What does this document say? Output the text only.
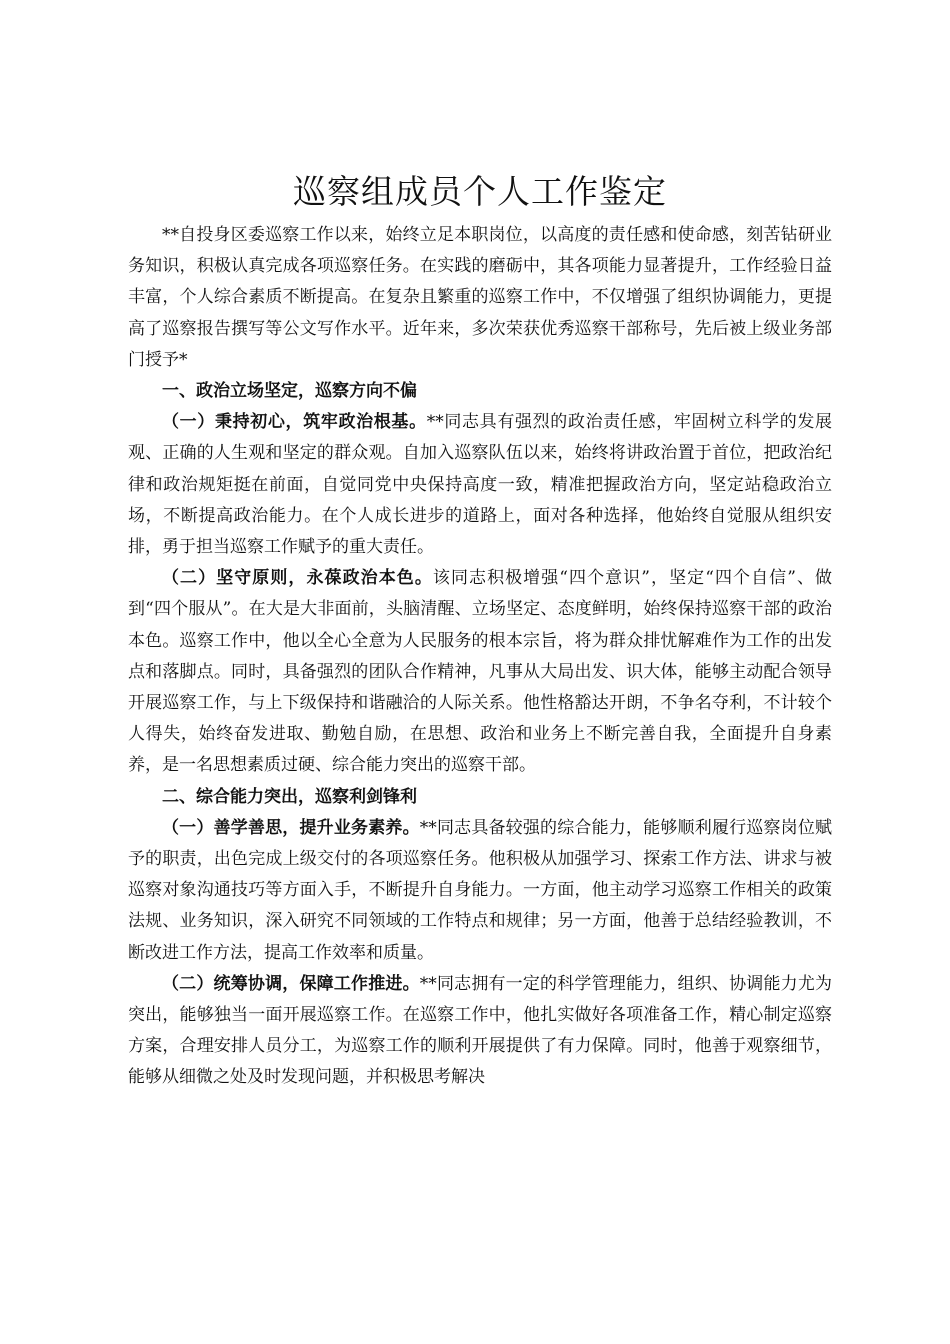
巡察组成员个人工作鉴定

**自投身区委巡察工作以来，始终立足本职岗位，以高度的责任感和使命感，刻苦钻研业务知识，积极认真完成各项巡察任务。在实践的磨砺中，其各项能力显著提升，工作经验日益丰富，个人综合素质不断提高。在复杂且繁重的巡察工作中，不仅增强了组织协调能力，更提高了巡察报告撰写等公文写作水平。近年来，多次荣获优秀巡察干部称号，先后被上级业务部门授予*

一、政治立场坚定，巡察方向不偏

（一）秉持初心，筑牢政治根基。**同志具有强烈的政治责任感，牢固树立科学的发展观、正确的人生观和坚定的群众观。自加入巡察队伍以来，始终将讲政治置于首位，把政治纪律和政治规矩挺在前面，自觉同党中央保持高度一致，精准把握政治方向，坚定站稳政治立场，不断提高政治能力。在个人成长进步的道路上，面对各种选择，他始终自觉服从组织安排，勇于担当巡察工作赋予的重大责任。

（二）坚守原则，永葆政治本色。该同志积极增强“四个意识”，坚定“四个自信”、做到“四个服从”。在大是大非面前，头脑清醒、立场坚定、态度鲜明，始终保持巡察干部的政治本色。巡察工作中，他以全心全意为人民服务的根本宗旨，将为群众排忧解难作为工作的出发点和落脚点。同时，具备强烈的团队合作精神，凡事从大局出发、识大体，能够主动配合领导开展巡察工作，与上下级保持和谐融洽的人际关系。他性格豁达开朗，不争名夺利，不计较个人得失，始终奋发进取、勤勉自励，在思想、政治和业务上不断完善自我，全面提升自身素养，是一名思想素质过硬、综合能力突出的巡察干部。

二、综合能力突出，巡察利剑锋利

（一）善学善思，提升业务素养。**同志具备较强的综合能力，能够顺利履行巡察岗位赋予的职责，出色完成上级交付的各项巡察任务。他积极从加强学习、探索工作方法、讲求与被巡察对象沟通技巧等方面入手，不断提升自身能力。一方面，他主动学习巡察工作相关的政策法规、业务知识，深入研究不同领域的工作特点和规律；另一方面，他善于总结经验教训，不断改进工作方法，提高工作效率和质量。

（二）统筹协调，保障工作推进。**同志拥有一定的科学管理能力，组织、协调能力尤为突出，能够独当一面开展巡察工作。在巡察工作中，他扎实做好各项准备工作，精心制定巡察方案，合理安排人员分工，为巡察工作的顺利开展提供了有力保障。同时，他善于观察细节，能够从细微之处及时发现问题，并积极思考解决
